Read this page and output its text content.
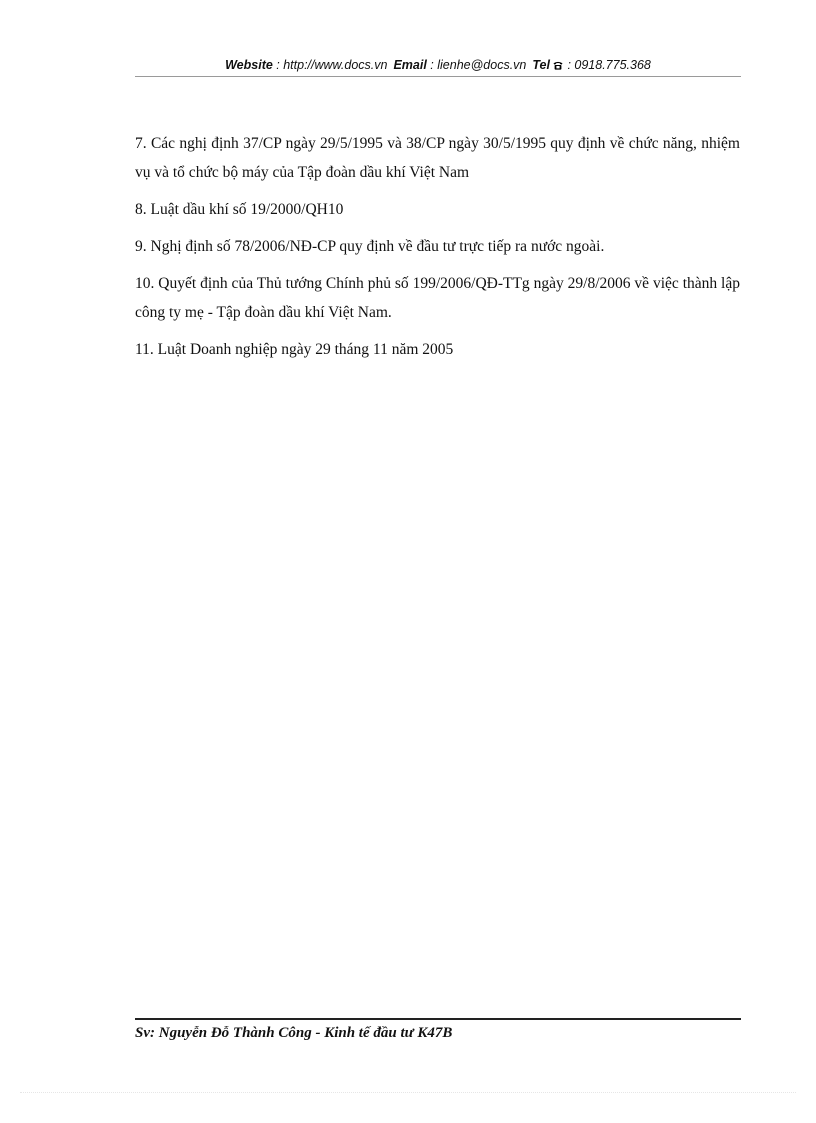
Website : http://www.docs.vn Email : lienhe@docs.vn Tel : 0918.775.368

7. Các nghị định 37/CP ngày 29/5/1995 và 38/CP ngày 30/5/1995 quy định về chức năng, nhiệm vụ và tổ chức bộ máy của Tập đoàn dầu khí Việt Nam

8. Luật dầu khí số 19/2000/QH10

9. Nghị định số 78/2006/NĐ-CP quy định về đầu tư trực tiếp ra nước ngoài.

10. Quyết định của Thủ tướng Chính phủ số 199/2006/QĐ-TTg ngày 29/8/2006 về việc thành lập công ty mẹ - Tập đoàn dầu khí Việt Nam.

11. Luật Doanh nghiệp ngày 29 tháng 11 năm 2005

Sv: Nguyễn Đỗ Thành Công - Kinh tế đầu tư K47B
